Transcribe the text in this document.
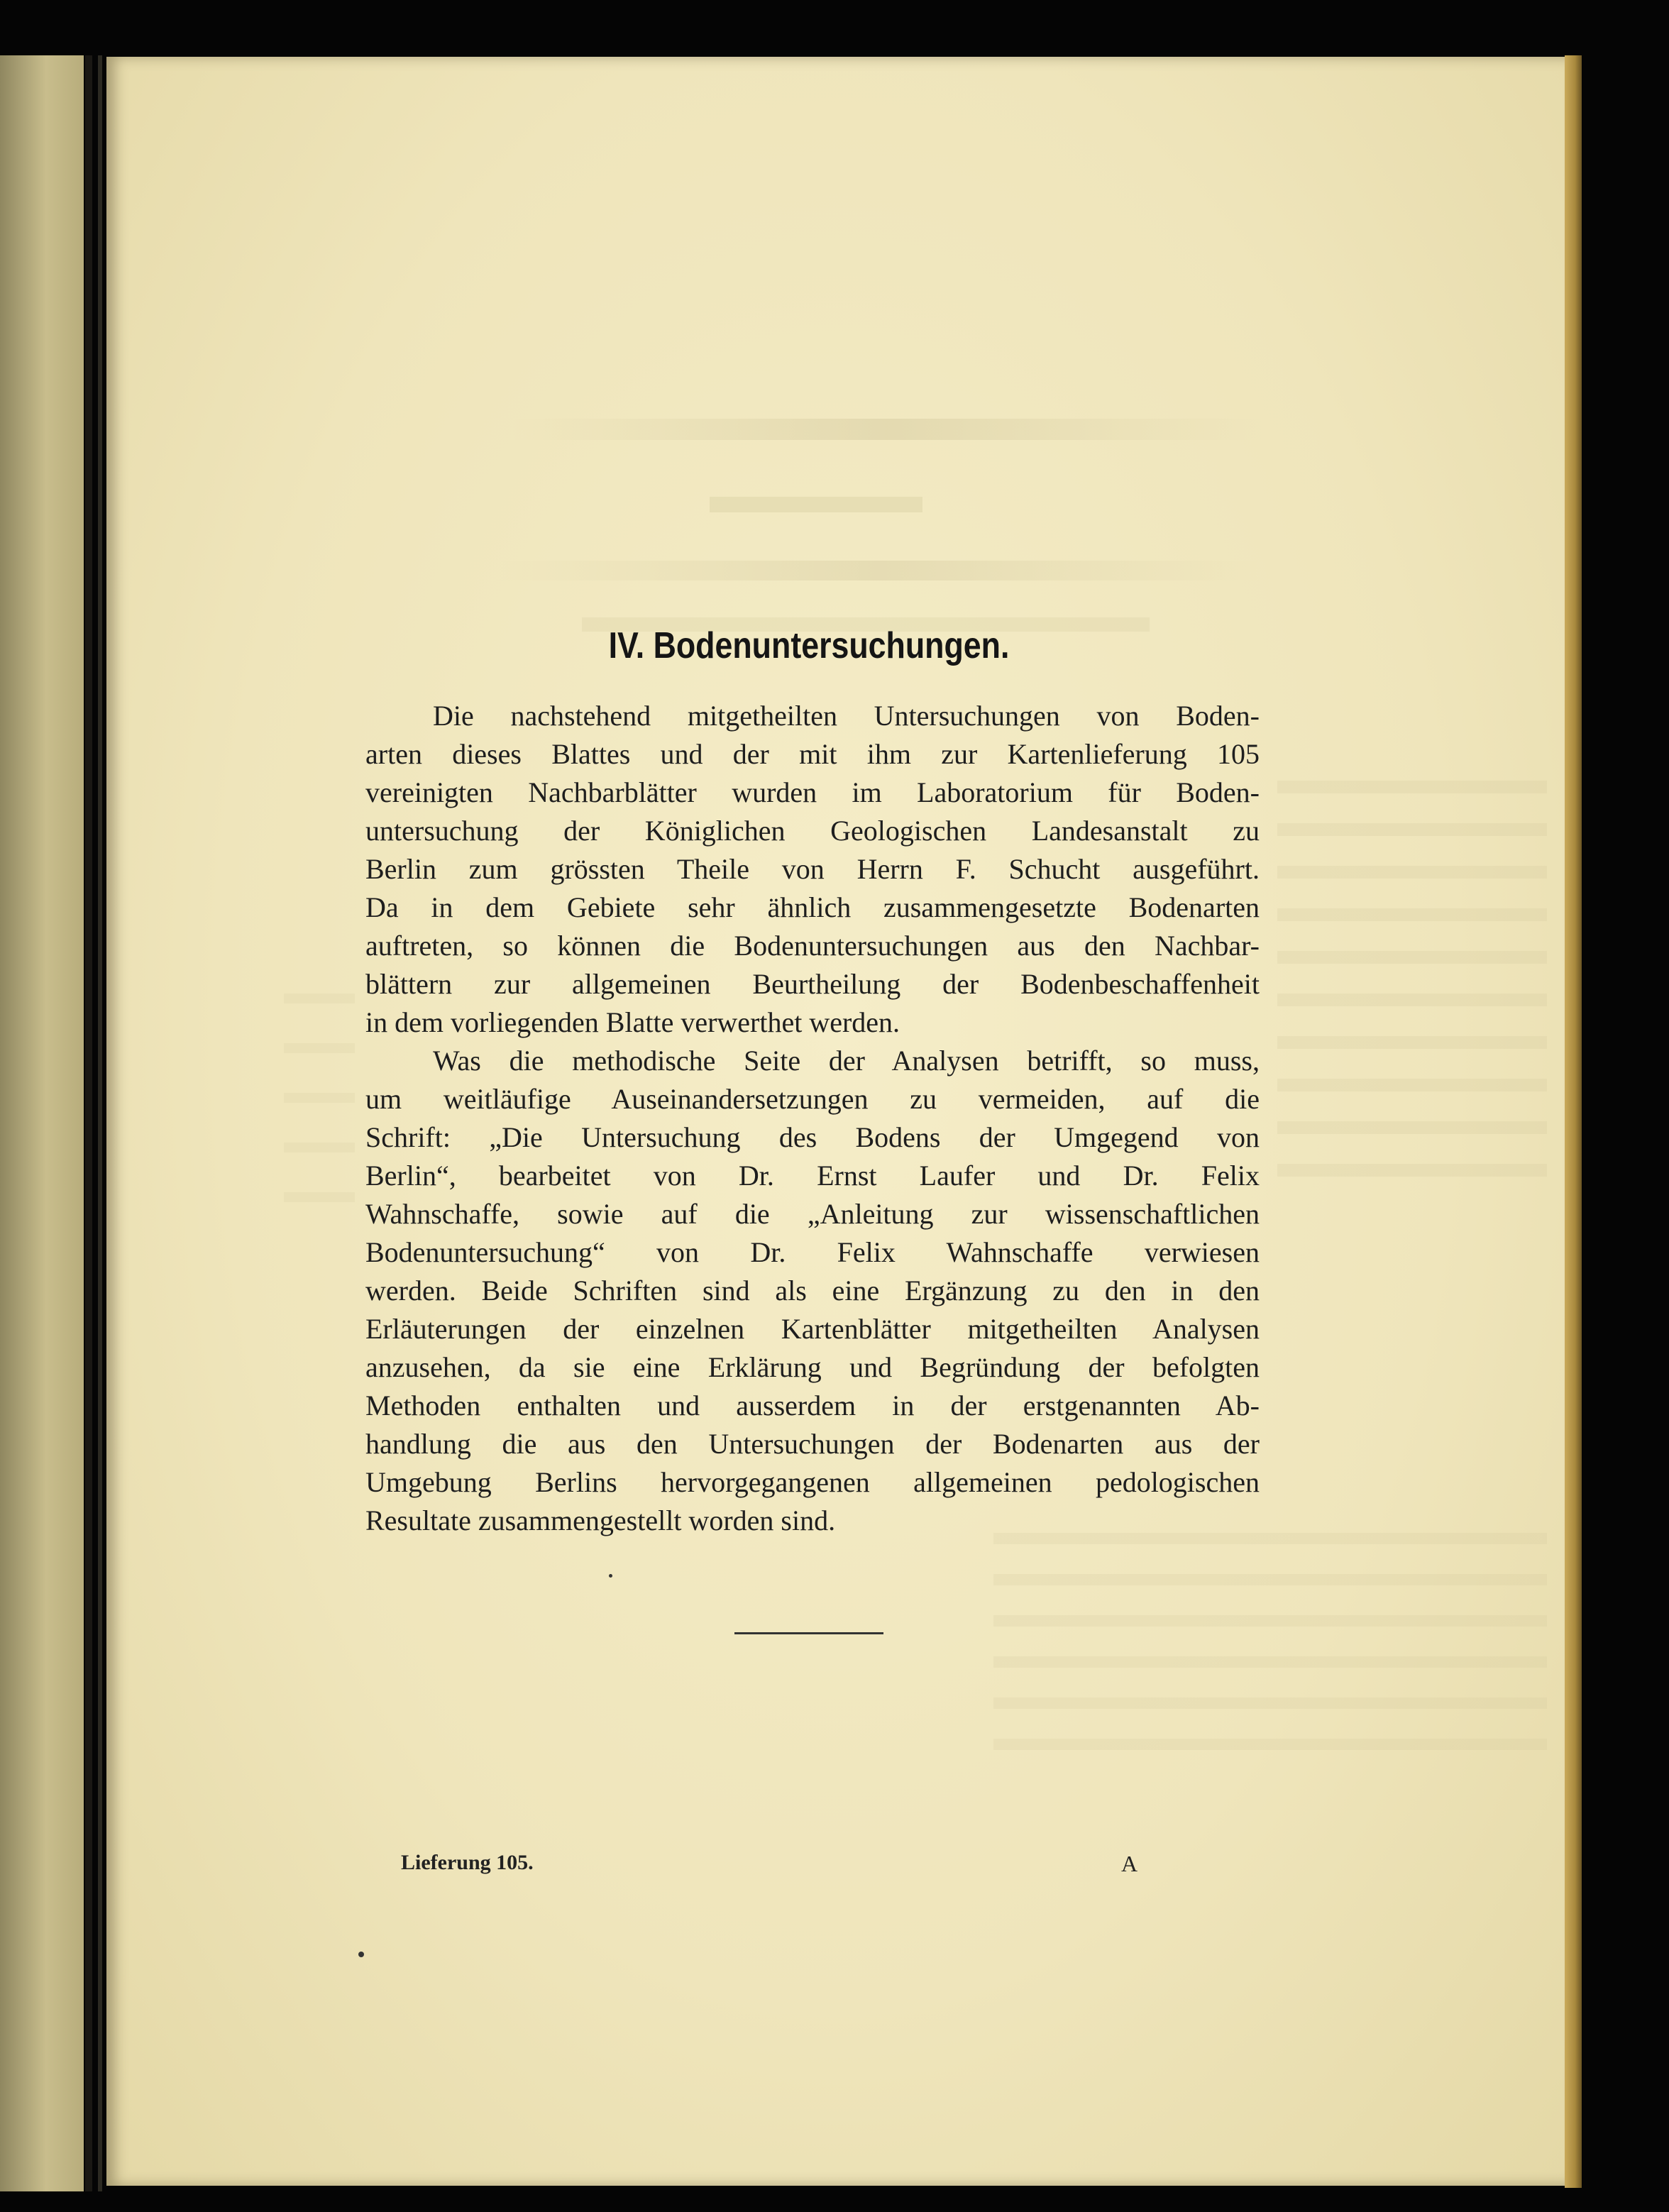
IV. Bodenuntersuchungen.
Die nachstehend mitgetheilten Untersuchungen von Boden-
arten dieses Blattes und der mit ihm zur Kartenlieferung 105
vereinigten Nachbarblätter wurden im Laboratorium für Boden-
untersuchung der Königlichen Geologischen Landesanstalt zu
Berlin zum grössten Theile von Herrn F. Schucht ausgeführt.
Da in dem Gebiete sehr ähnlich zusammengesetzte Bodenarten
auftreten, so können die Bodenuntersuchungen aus den Nachbar-
blättern zur allgemeinen Beurtheilung der Bodenbeschaffenheit
in dem vorliegenden Blatte verwerthet werden.
Was die methodische Seite der Analysen betrifft, so muss,
um weitläufige Auseinandersetzungen zu vermeiden, auf die
Schrift: „Die Untersuchung des Bodens der Umgegend von
Berlin“, bearbeitet von Dr. Ernst Laufer und Dr. Felix
Wahnschaffe, sowie auf die „Anleitung zur wissenschaftlichen
Bodenuntersuchung“ von Dr. Felix Wahnschaffe verwiesen
werden. Beide Schriften sind als eine Ergänzung zu den in den
Erläuterungen der einzelnen Kartenblätter mitgetheilten Analysen
anzusehen, da sie eine Erklärung und Begründung der befolgten
Methoden enthalten und ausserdem in der erstgenannten Ab-
handlung die aus den Untersuchungen der Bodenarten aus der
Umgebung Berlins hervorgegangenen allgemeinen pedologischen
Resultate zusammengestellt worden sind.
Lieferung 105.	A
